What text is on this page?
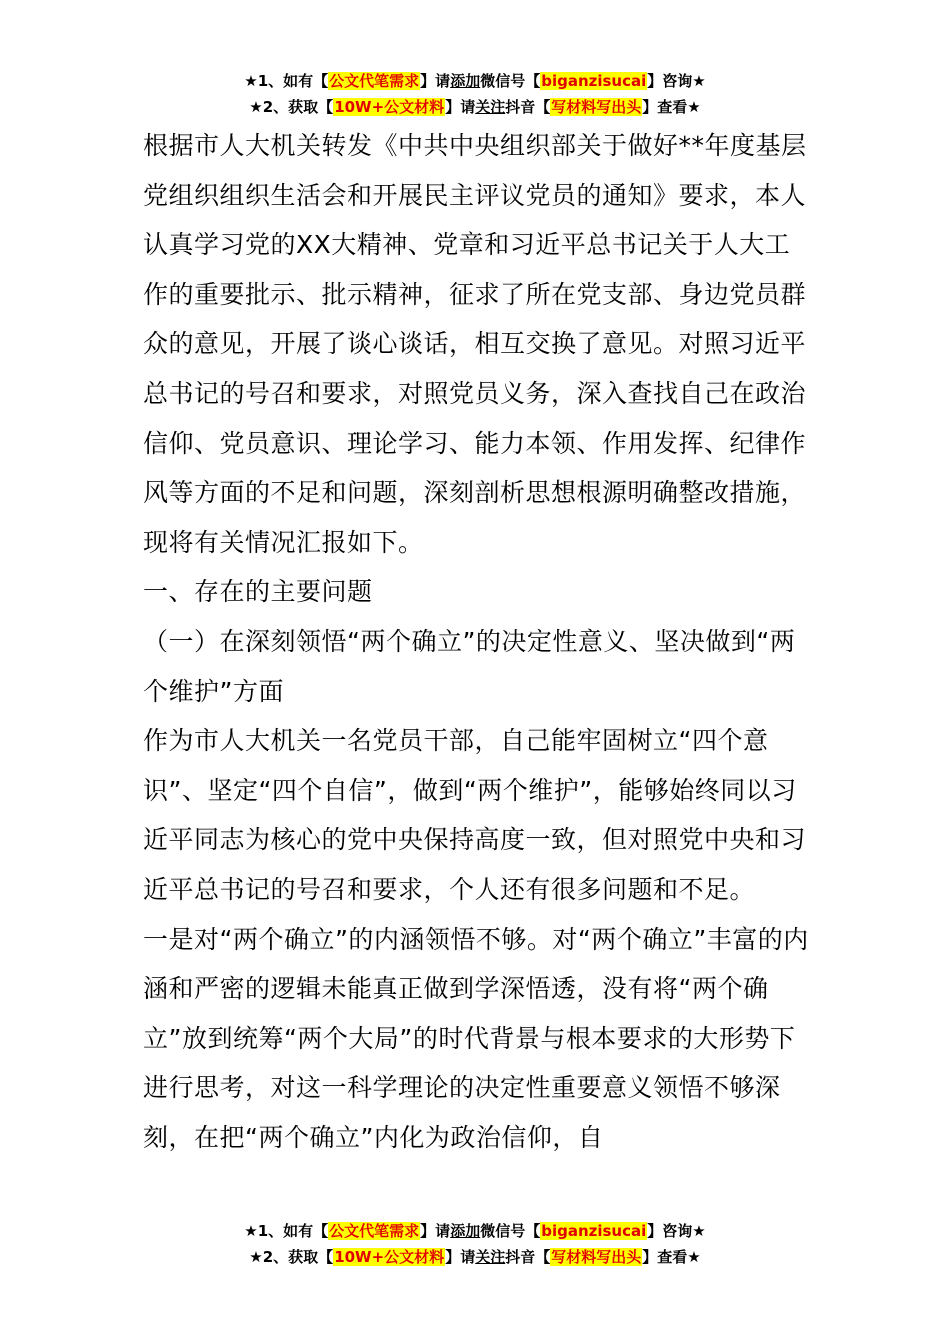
★1、如有【公文代笔需求】请添加微信号【biganzisucai】咨询★
★2、获取【10W+公文材料】请关注抖音【写材料写出头】查看★

根据市人大机关转发《中共中央组织部关于做好**年度基层党组织组织生活会和开展民主评议党员的通知》要求，本人认真学习党的XX大精神、党章和习近平总书记关于人大工作的重要批示、批示精神，征求了所在党支部、身边党员群众的意见，开展了谈心谈话，相互交换了意见。对照习近平总书记的号召和要求，对照党员义务，深入查找自己在政治信仰、党员意识、理论学习、能力本领、作用发挥、纪律作风等方面的不足和问题，深刻剖析思想根源明确整改措施，现将有关情况汇报如下。

一、存在的主要问题

（一）在深刻领悟“两个确立”的决定性意义、坚决做到“两个维护”方面

作为市人大机关一名党员干部，自己能牢固树立“四个意识”、坚定“四个自信”，做到“两个维护”，能够始终同以习近平同志为核心的党中央保持高度一致，但对照党中央和习近平总书记的号召和要求，个人还有很多问题和不足。

一是对“两个确立”的内涵领悟不够。对“两个确立”丰富的内涵和严密的逻辑未能真正做到学深悟透，没有将“两个确立”放到统筹“两个大局”的时代背景与根本要求的大形势下进行思考，对这一科学理论的决定性重要意义领悟不够深刻，在把“两个确立”内化为政治信仰，自

★1、如有【公文代笔需求】请添加微信号【biganzisucai】咨询★
★2、获取【10W+公文材料】请关注抖音【写材料写出头】查看★
